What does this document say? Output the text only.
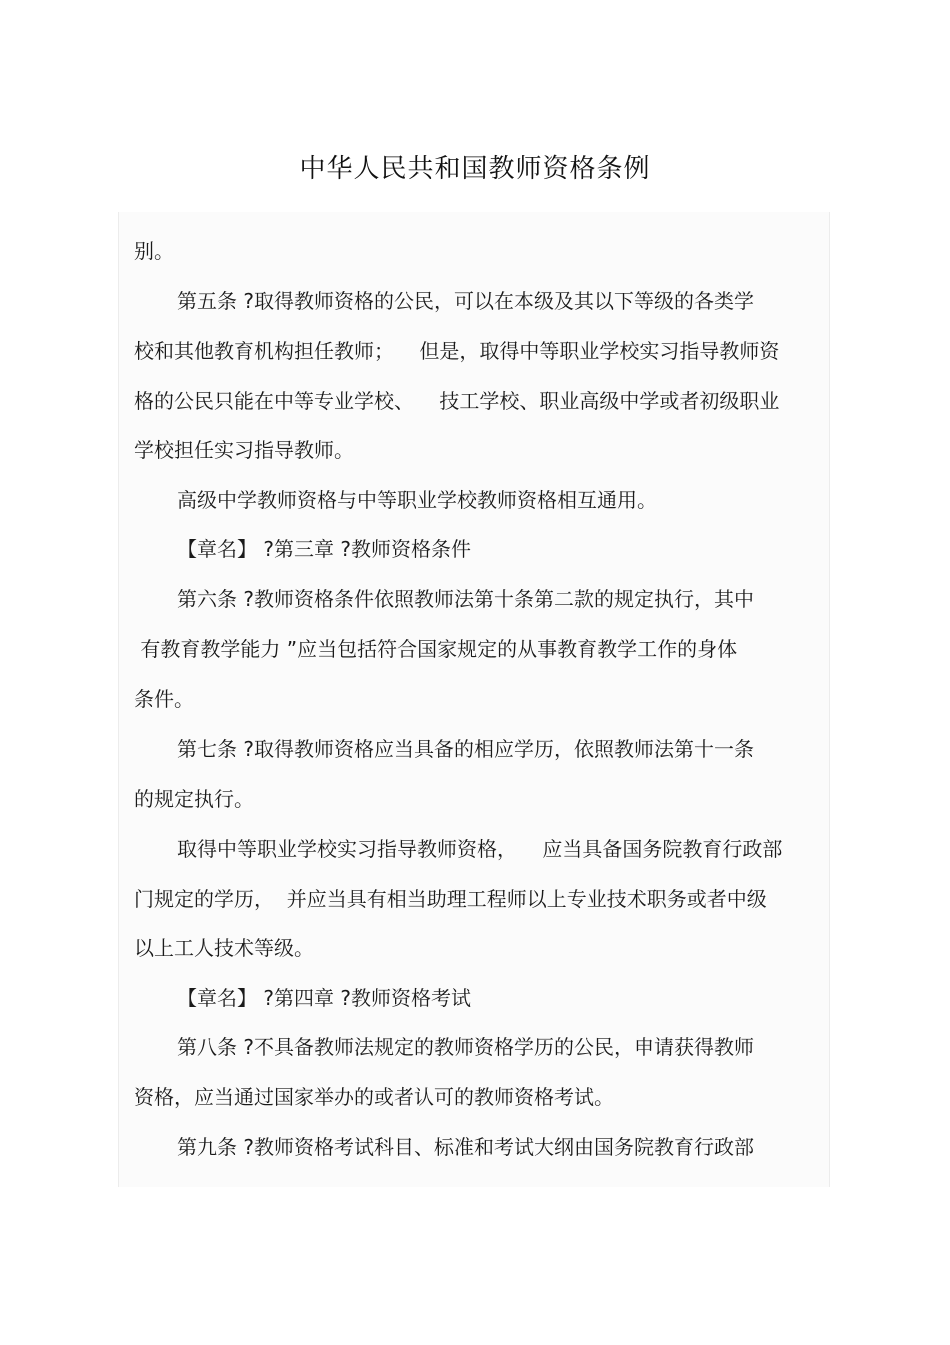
中华人民共和国教师资格条例
别。
第五条 ?取得教师资格的公民，可以在本级及其以下等级的各类学
校和其他教育机构担任教师；    但是，取得中等职业学校实习指导教师资
格的公民只能在中等专业学校、    技工学校、职业高级中学或者初级职业
学校担任实习指导教师。
高级中学教师资格与中等职业学校教师资格相互通用。
【章名】 ?第三章 ?教师资格条件
第六条 ?教师资格条件依照教师法第十条第二款的规定执行，其中
有教育教学能力 ”应当包括符合国家规定的从事教育教学工作的身体
条件。
第七条 ?取得教师资格应当具备的相应学历，依照教师法第十一条
的规定执行。
取得中等职业学校实习指导教师资格，    应当具备国务院教育行政部
门规定的学历，  并应当具有相当助理工程师以上专业技术职务或者中级
以上工人技术等级。
【章名】 ?第四章 ?教师资格考试
第八条 ?不具备教师法规定的教师资格学历的公民，申请获得教师
资格，应当通过国家举办的或者认可的教师资格考试。
第九条 ?教师资格考试科目、标准和考试大纲由国务院教育行政部
